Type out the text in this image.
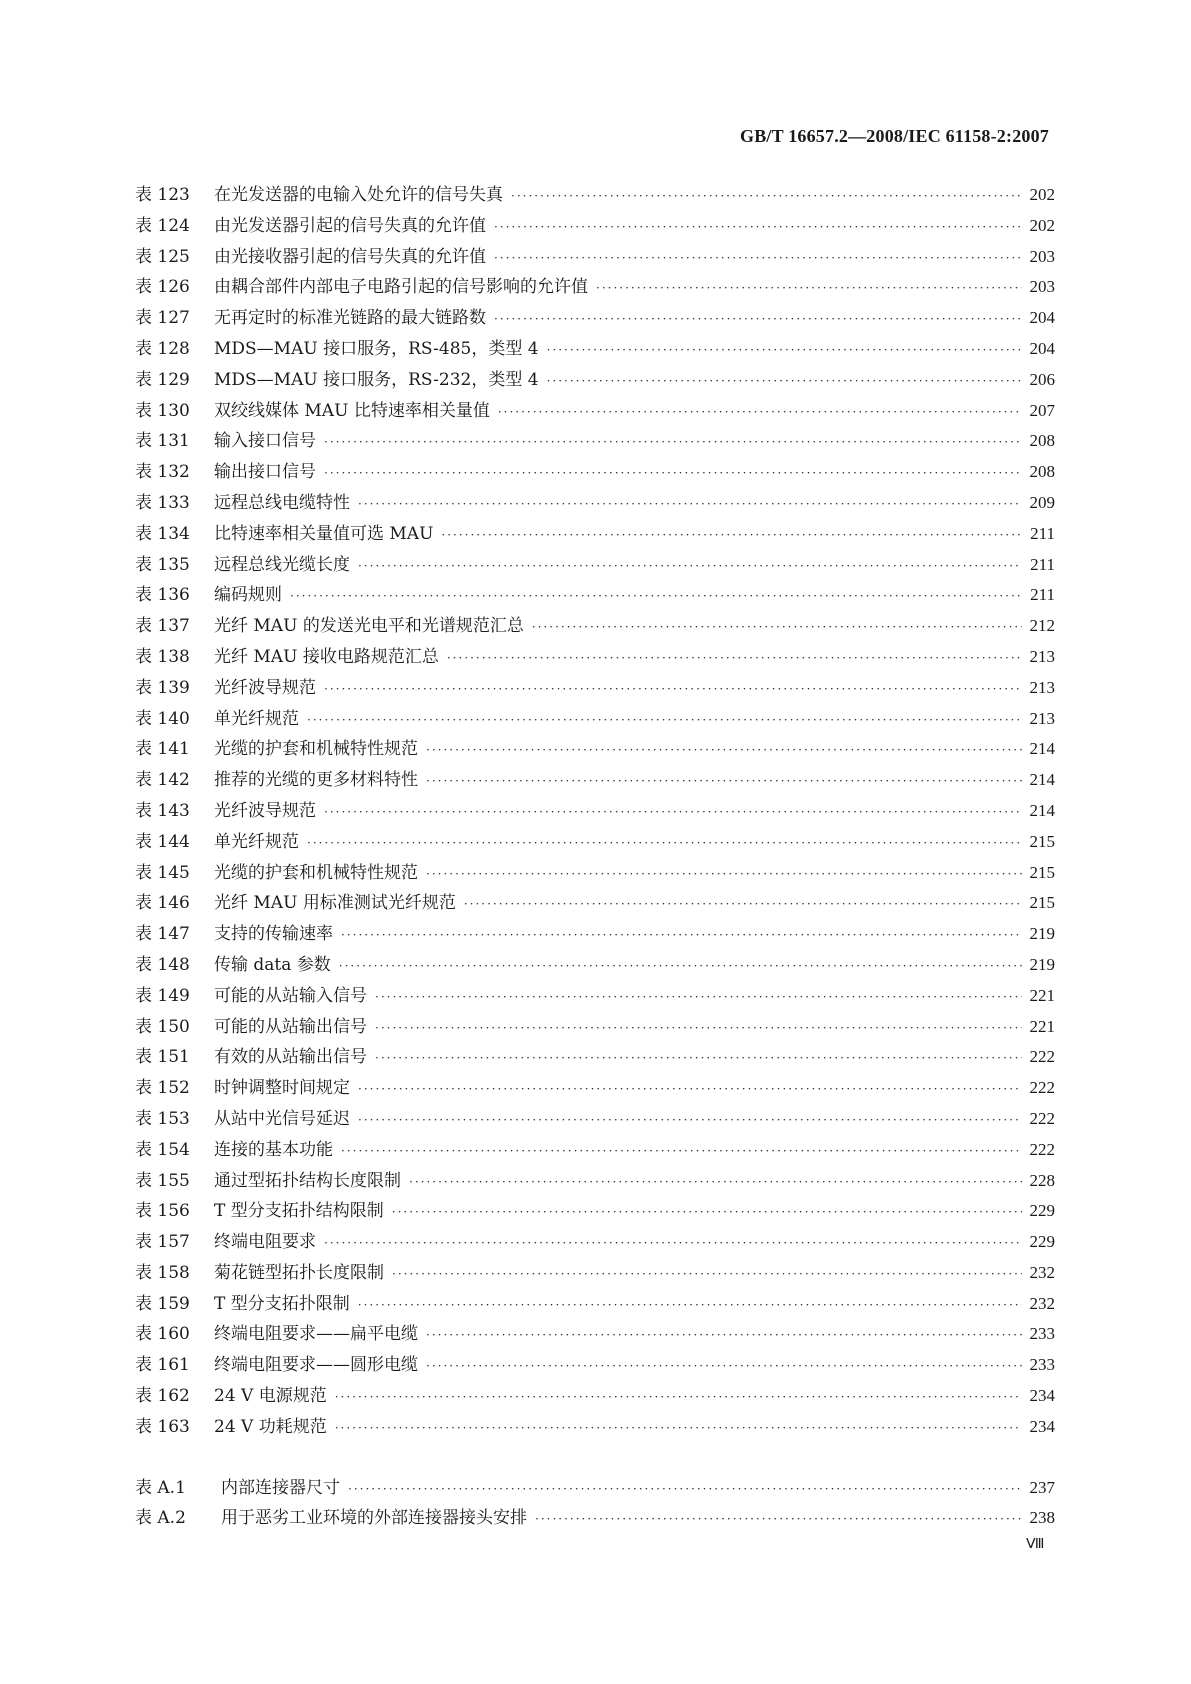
GB/T 16657.2—2008/IEC 61158-2:2007
表 123	在光发送器的电输入处允许的信号失真 ·····	202
表 124	由光发送器引起的信号失真的允许值 ·····	202
表 125	由光接收器引起的信号失真的允许值 ·····	203
表 126	由耦合部件内部电子电路引起的信号影响的允许值 ·····	203
表 127	无再定时的标准光链路的最大链路数 ·····	204
表 128	MDS—MAU 接口服务，RS-485，类型 4 ·····	204
表 129	MDS—MAU 接口服务，RS-232，类型 4 ·····	206
表 130	双绞线媒体 MAU 比特速率相关量值 ·····	207
表 131	输入接口信号 ·····	208
表 132	输出接口信号 ·····	208
表 133	远程总线电缆特性 ·····	209
表 134	比特速率相关量值可选 MAU ·····	211
表 135	远程总线光缆长度 ·····	211
表 136	编码规则 ·····	211
表 137	光纤 MAU 的发送光电平和光谱规范汇总 ·····	212
表 138	光纤 MAU 接收电路规范汇总 ·····	213
表 139	光纤波导规范 ·····	213
表 140	单光纤规范 ·····	213
表 141	光缆的护套和机械特性规范 ·····	214
表 142	推荐的光缆的更多材料特性 ·····	214
表 143	光纤波导规范 ·····	214
表 144	单光纤规范 ·····	215
表 145	光缆的护套和机械特性规范 ·····	215
表 146	光纤 MAU 用标准测试光纤规范 ·····	215
表 147	支持的传输速率 ·····	219
表 148	传输 data 参数 ·····	219
表 149	可能的从站输入信号 ·····	221
表 150	可能的从站输出信号 ·····	221
表 151	有效的从站输出信号 ·····	222
表 152	时钟调整时间规定 ·····	222
表 153	从站中光信号延迟 ·····	222
表 154	连接的基本功能 ·····	222
表 155	通过型拓扑结构长度限制 ·····	228
表 156	T 型分支拓扑结构限制 ·····	229
表 157	终端电阻要求 ·····	229
表 158	菊花链型拓扑长度限制 ·····	232
表 159	T 型分支拓扑限制 ·····	232
表 160	终端电阻要求——扁平电缆 ·····	233
表 161	终端电阻要求——圆形电缆 ·····	233
表 162	24 V 电源规范 ·····	234
表 163	24 V 功耗规范 ·····	234
表 A.1	内部连接器尺寸 ·····	237
表 A.2	用于恶劣工业环境的外部连接器接头安排 ·····	238
Ⅷ
